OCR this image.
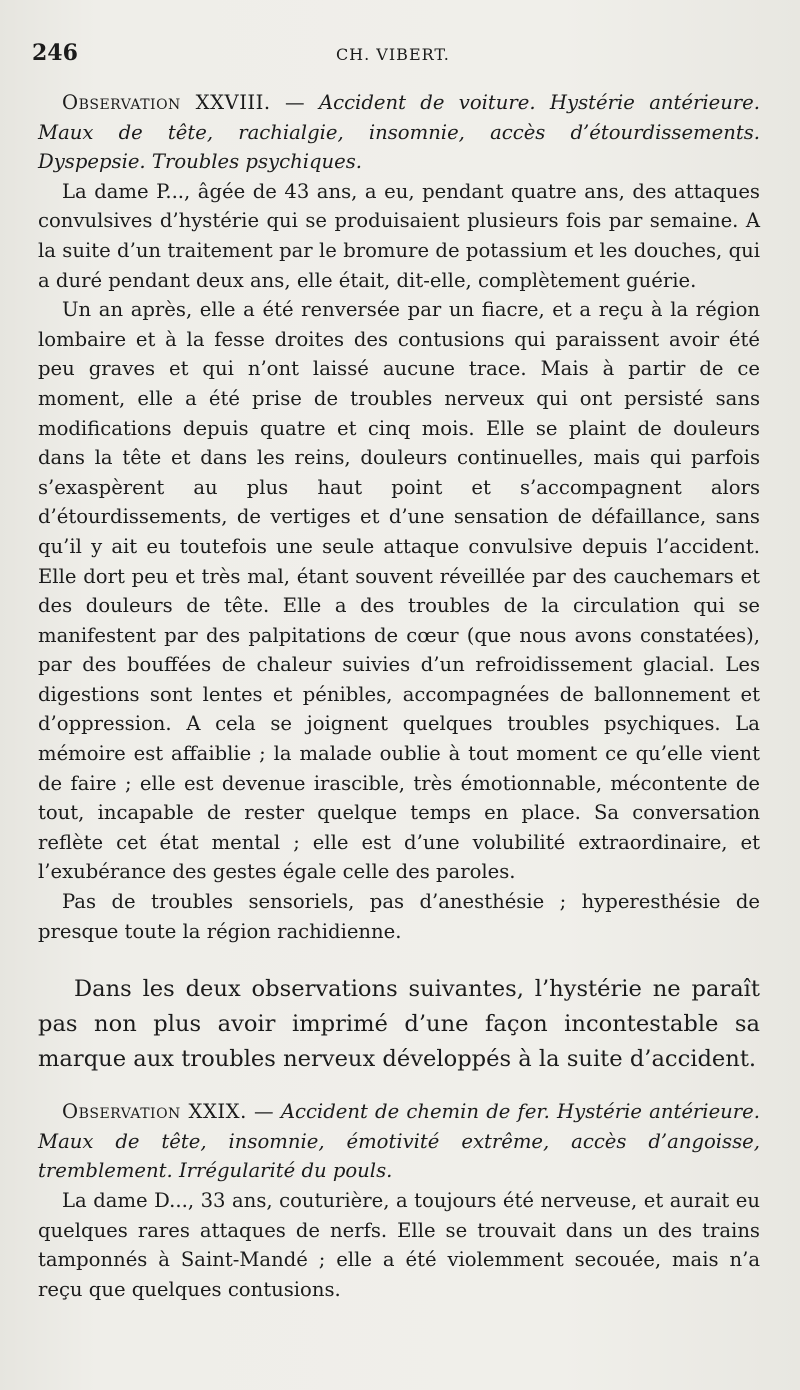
246	CH. VIBERT.

Observation XXVIII. — Accident de voiture. Hystérie antérieure. Maux de tête, rachialgie, insomnie, accès d’étourdissements. Dyspepsie. Troubles psychiques.

La dame P..., âgée de 43 ans, a eu, pendant quatre ans, des attaques convulsives d’hystérie qui se produisaient plusieurs fois par semaine. A la suite d’un traitement par le bromure de potassium et les douches, qui a duré pendant deux ans, elle était, dit-elle, complètement guérie.

Un an après, elle a été renversée par un fiacre, et a reçu à la région lombaire et à la fesse droites des contusions qui paraissent avoir été peu graves et qui n’ont laissé aucune trace. Mais à partir de ce moment, elle a été prise de troubles nerveux qui ont persisté sans modifications depuis quatre et cinq mois. Elle se plaint de douleurs dans la tête et dans les reins, douleurs continuelles, mais qui parfois s’exaspèrent au plus haut point et s’accompagnent alors d’étourdissements, de vertiges et d’une sensation de défaillance, sans qu’il y ait eu toutefois une seule attaque convulsive depuis l’accident. Elle dort peu et très mal, étant souvent réveillée par des cauchemars et des douleurs de tête. Elle a des troubles de la circulation qui se manifestent par des palpitations de cœur (que nous avons constatées), par des bouffées de chaleur suivies d’un refroidissement glacial. Les digestions sont lentes et pénibles, accompagnées de ballonnement et d’oppression. A cela se joignent quelques troubles psychiques. La mémoire est affaiblie ; la malade oublie à tout moment ce qu’elle vient de faire ; elle est devenue irascible, très émotionnable, mécontente de tout, incapable de rester quelque temps en place. Sa conversation reflète cet état mental ; elle est d’une volubilité extraordinaire, et l’exubérance des gestes égale celle des paroles.

Pas de troubles sensoriels, pas d’anesthésie ; hyperesthésie de presque toute la région rachidienne.

Dans les deux observations suivantes, l’hystérie ne paraît pas non plus avoir imprimé d’une façon incontestable sa marque aux troubles nerveux développés à la suite d’accident.

Observation XXIX. — Accident de chemin de fer. Hystérie antérieure. Maux de tête, insomnie, émotivité extrême, accès d’angoisse, tremblement. Irrégularité du pouls.

La dame D..., 33 ans, couturière, a toujours été nerveuse, et aurait eu quelques rares attaques de nerfs. Elle se trouvait dans un des trains tamponnés à Saint-Mandé ; elle a été violemment secouée, mais n’a reçu que quelques contusions.
